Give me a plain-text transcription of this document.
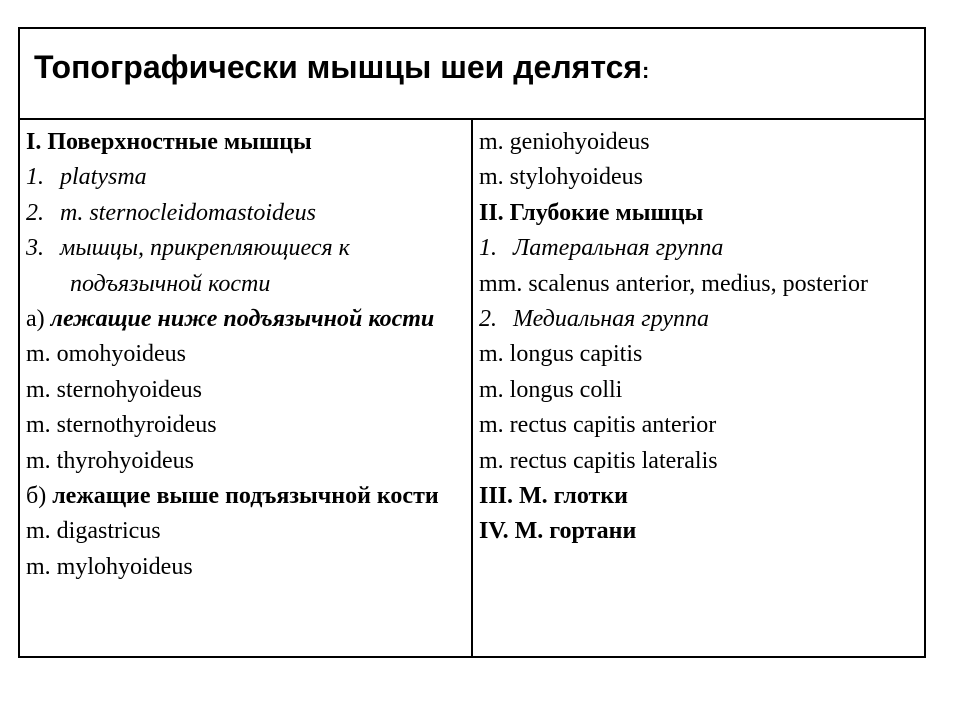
Топографически мышцы шеи делятся:

I. Поверхностные мышцы
1. platysma
2. m. sternocleidomastoideus
3. мышцы, прикрепляющиеся к подъязычной кости
а) лежащие ниже подъязычной кости
m. omohyoideus
m. sternohyoideus
m. sternothyroideus
m. thyrohyoideus
б) лежащие выше подъязычной кости
m. digastricus
m. mylohyoideus

m. geniohyoideus
m. stylohyoideus
II. Глубокие мышцы
1. Латеральная группа
mm. scalenus anterior, medius, posterior
2. Медиальная группа
m. longus capitis
m. longus colli
m. rectus capitis anterior
m. rectus capitis lateralis
III. М. глотки
IV. М. гортани
